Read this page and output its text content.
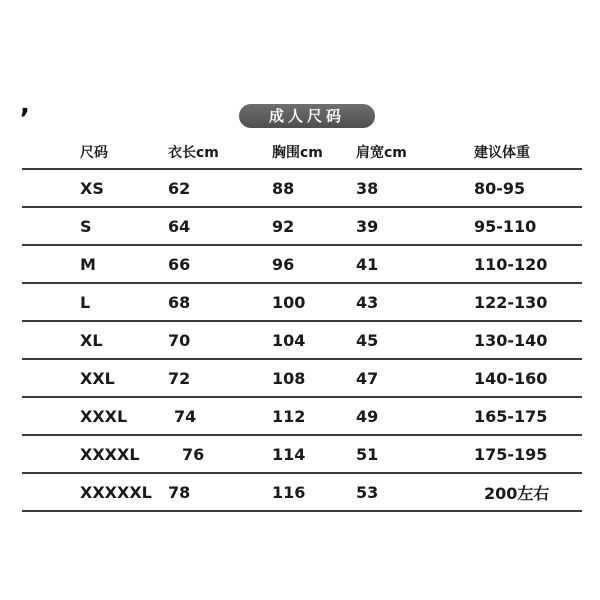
,	成人尺码
尺码	衣长cm	胸围cm 肩宽cm	建议体重
XS	62	88	38	80-95
S	64	92	39	95-110
M	66	96	41	110-120
L	68	100	43	122-130
XL	70	104	45	130-140
XXL	72	108	47	140-160
XXXL	74	112	49	165-175
XXXXL	76	114	51	175-195
XXXXXL 78	116	53	200左右
